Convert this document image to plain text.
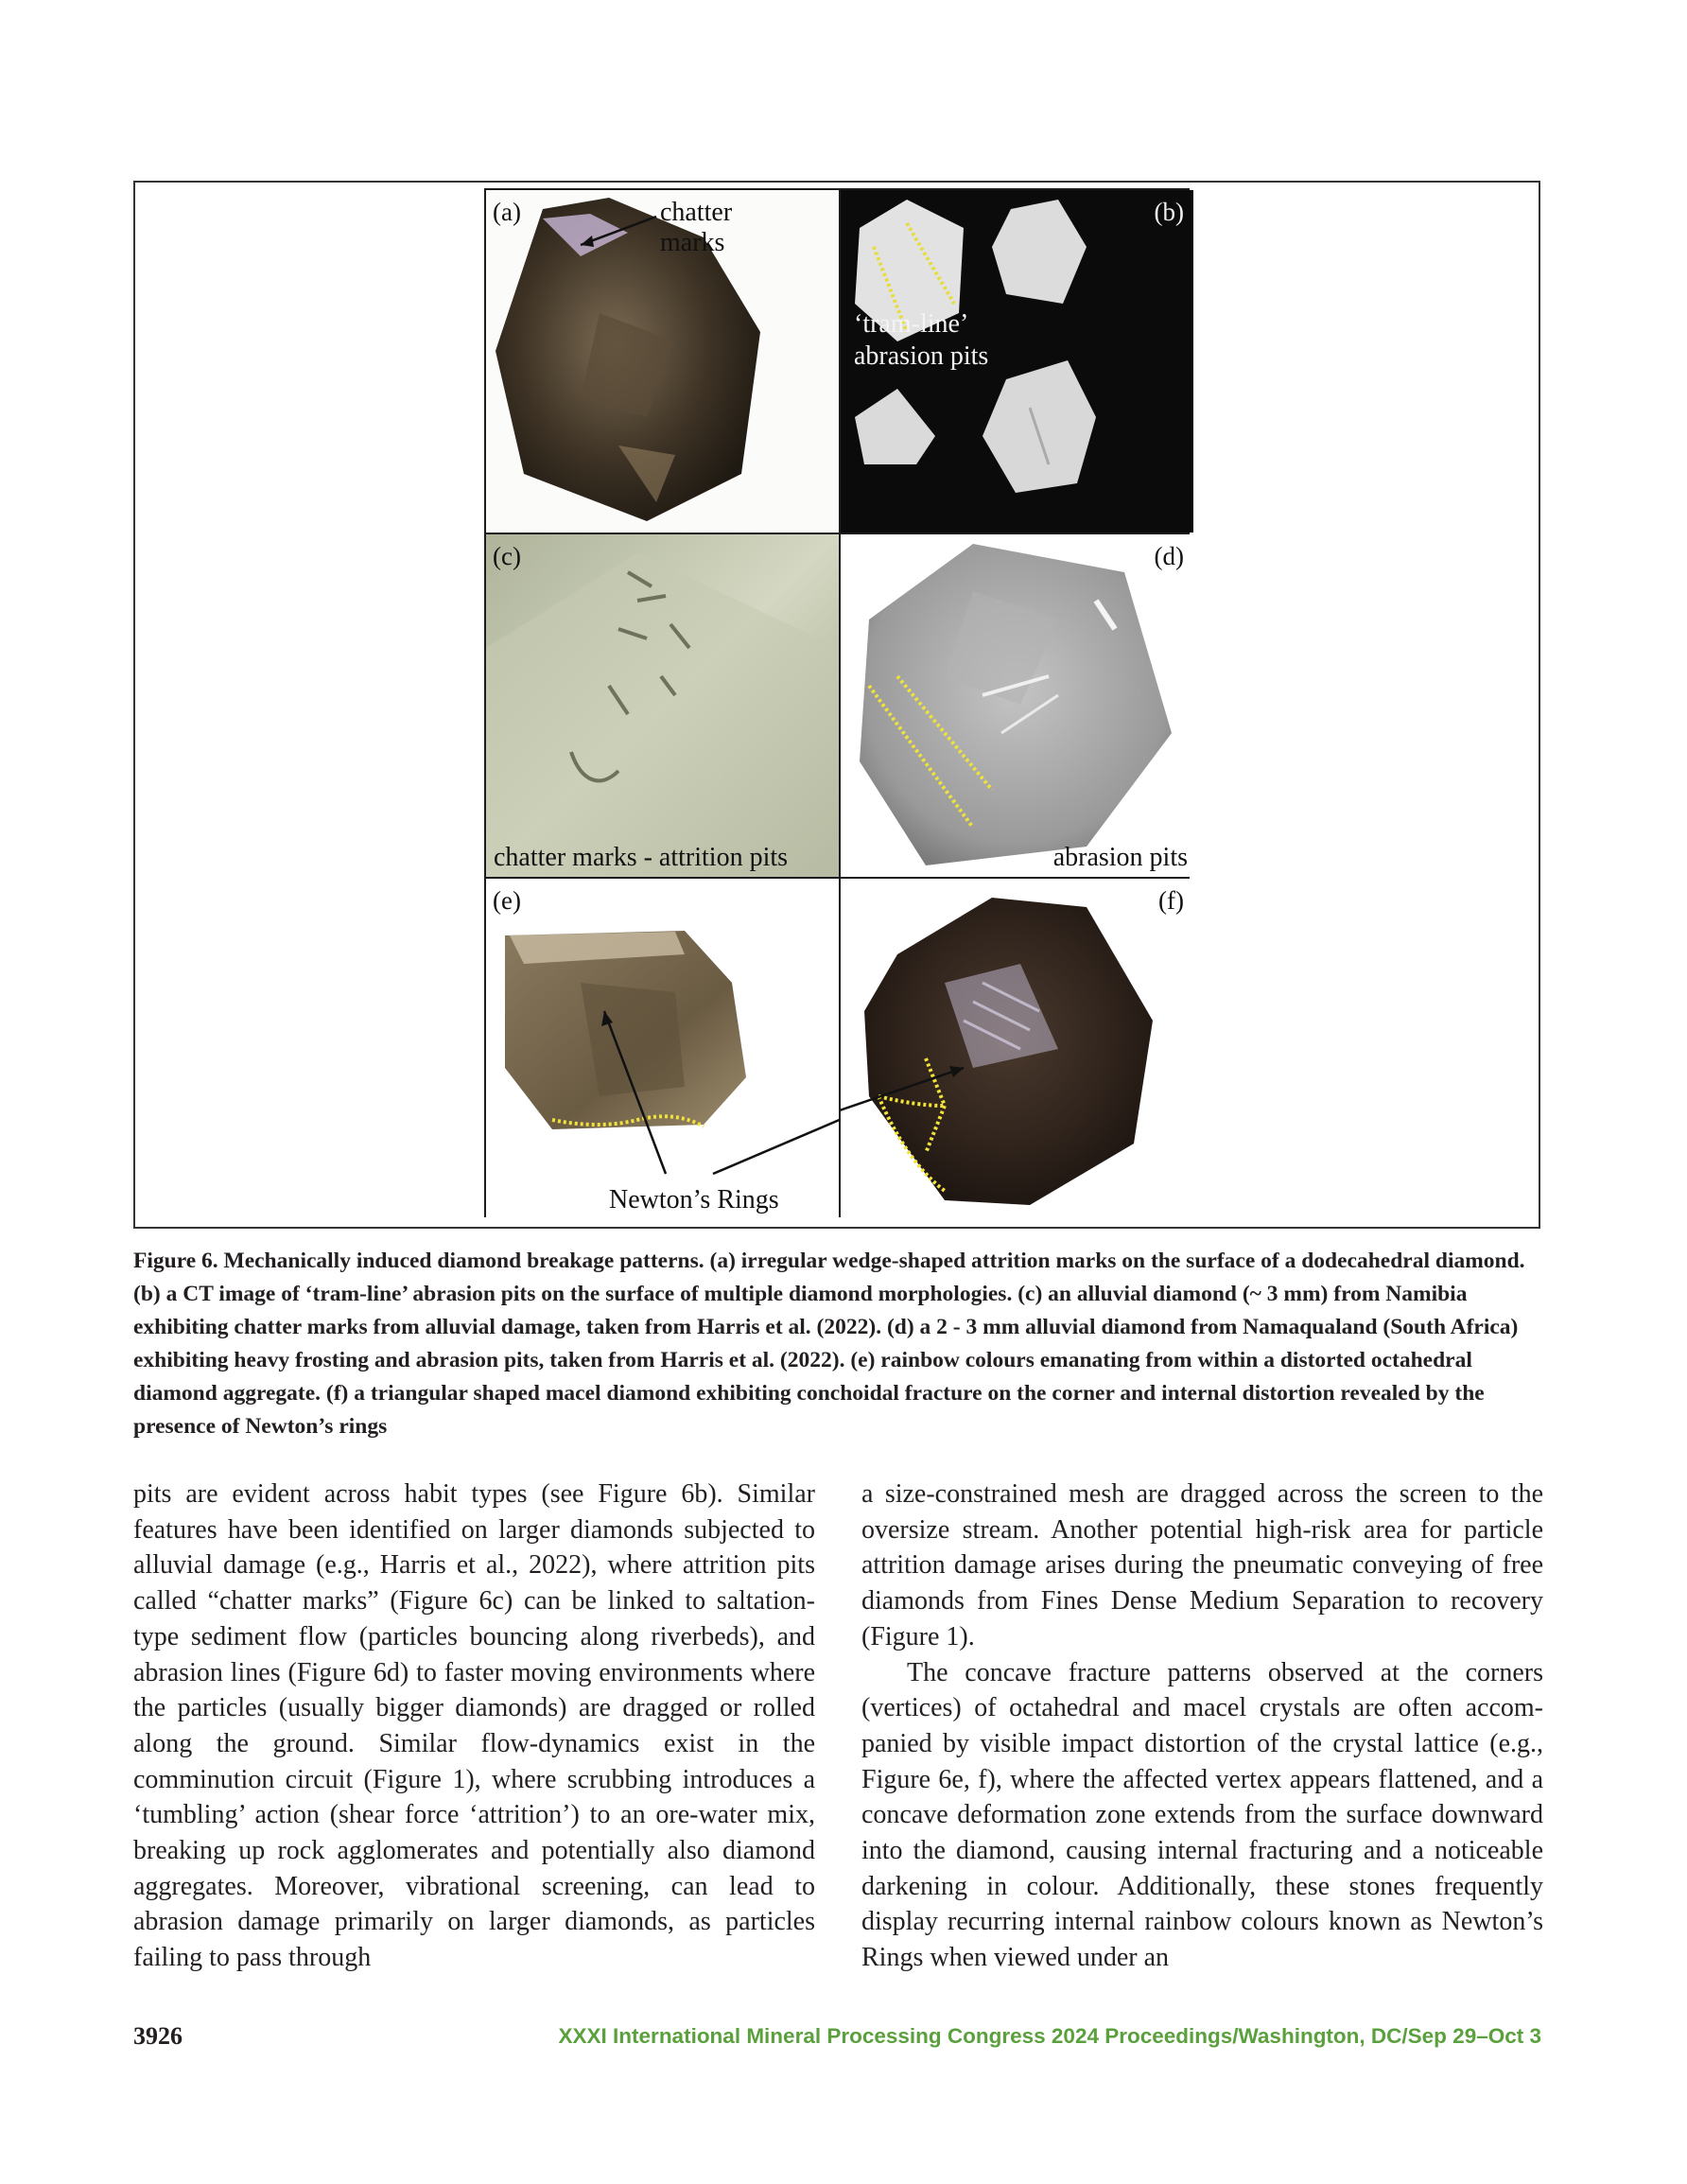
(a)	chatter
marks
(b)
‘tram-line’
abrasion pits
(c)
chatter marks - attrition pits
(d)
abrasion pits
(e)
Newton’s Rings
(f)
Figure 6. Mechanically induced diamond breakage patterns. (a) irregular wedge-shaped attrition marks on the surface of a dodecahedral diamond. (b) a CT image of ‘tram-line’ abrasion pits on the surface of multiple diamond morphologies. (c) an alluvial diamond (~ 3 mm) from Namibia exhibiting chatter marks from alluvial damage, taken from Harris et al. (2022). (d) a 2 - 3 mm alluvial diamond from Namaqualand (South Africa) exhibiting heavy frosting and abrasion pits, taken from Harris et al. (2022). (e) rainbow colours emanating from within a distorted octahedral diamond aggregate. (f) a triangular shaped macel diamond exhibiting conchoidal fracture on the corner and internal distortion revealed by the presence of Newton’s rings

pits are evident across habit types (see Figure 6b). Similar features have been identified on larger diamonds subjected to alluvial damage (e.g., Harris et al., 2022), where attrition pits called “chatter marks” (Figure 6c) can be linked to saltation-type sediment flow (particles bouncing along riverbeds), and abrasion lines (Figure 6d) to faster moving environments where the particles (usually bigger diamonds) are dragged or rolled along the ground. Similar flow-dynamics exist in the comminution circuit (Figure 1), where scrubbing introduces a ‘tumbling’ action (shear force ‘attrition’) to an ore-water mix, breaking up rock agglomerates and potentially also diamond aggregates. Moreover, vibrational screening, can lead to abrasion damage primarily on larger diamonds, as particles failing to pass through

a size-constrained mesh are dragged across the screen to the oversize stream. Another potential high-risk area for particle attrition damage arises during the pneumatic conveying of free diamonds from Fines Dense Medium Separation to recovery (Figure 1).

The concave fracture patterns observed at the corners (vertices) of octahedral and macel crystals are often accompanied by visible impact distortion of the crystal lattice (e.g., Figure 6e, f), where the affected vertex appears flattened, and a concave deformation zone extends from the surface downward into the diamond, causing internal fracturing and a noticeable darkening in colour. Additionally, these stones frequently display recurring internal rainbow colours known as Newton’s Rings when viewed under an

3926	XXXI International Mineral Processing Congress 2024 Proceedings/Washington, DC/Sep 29–Oct 3
